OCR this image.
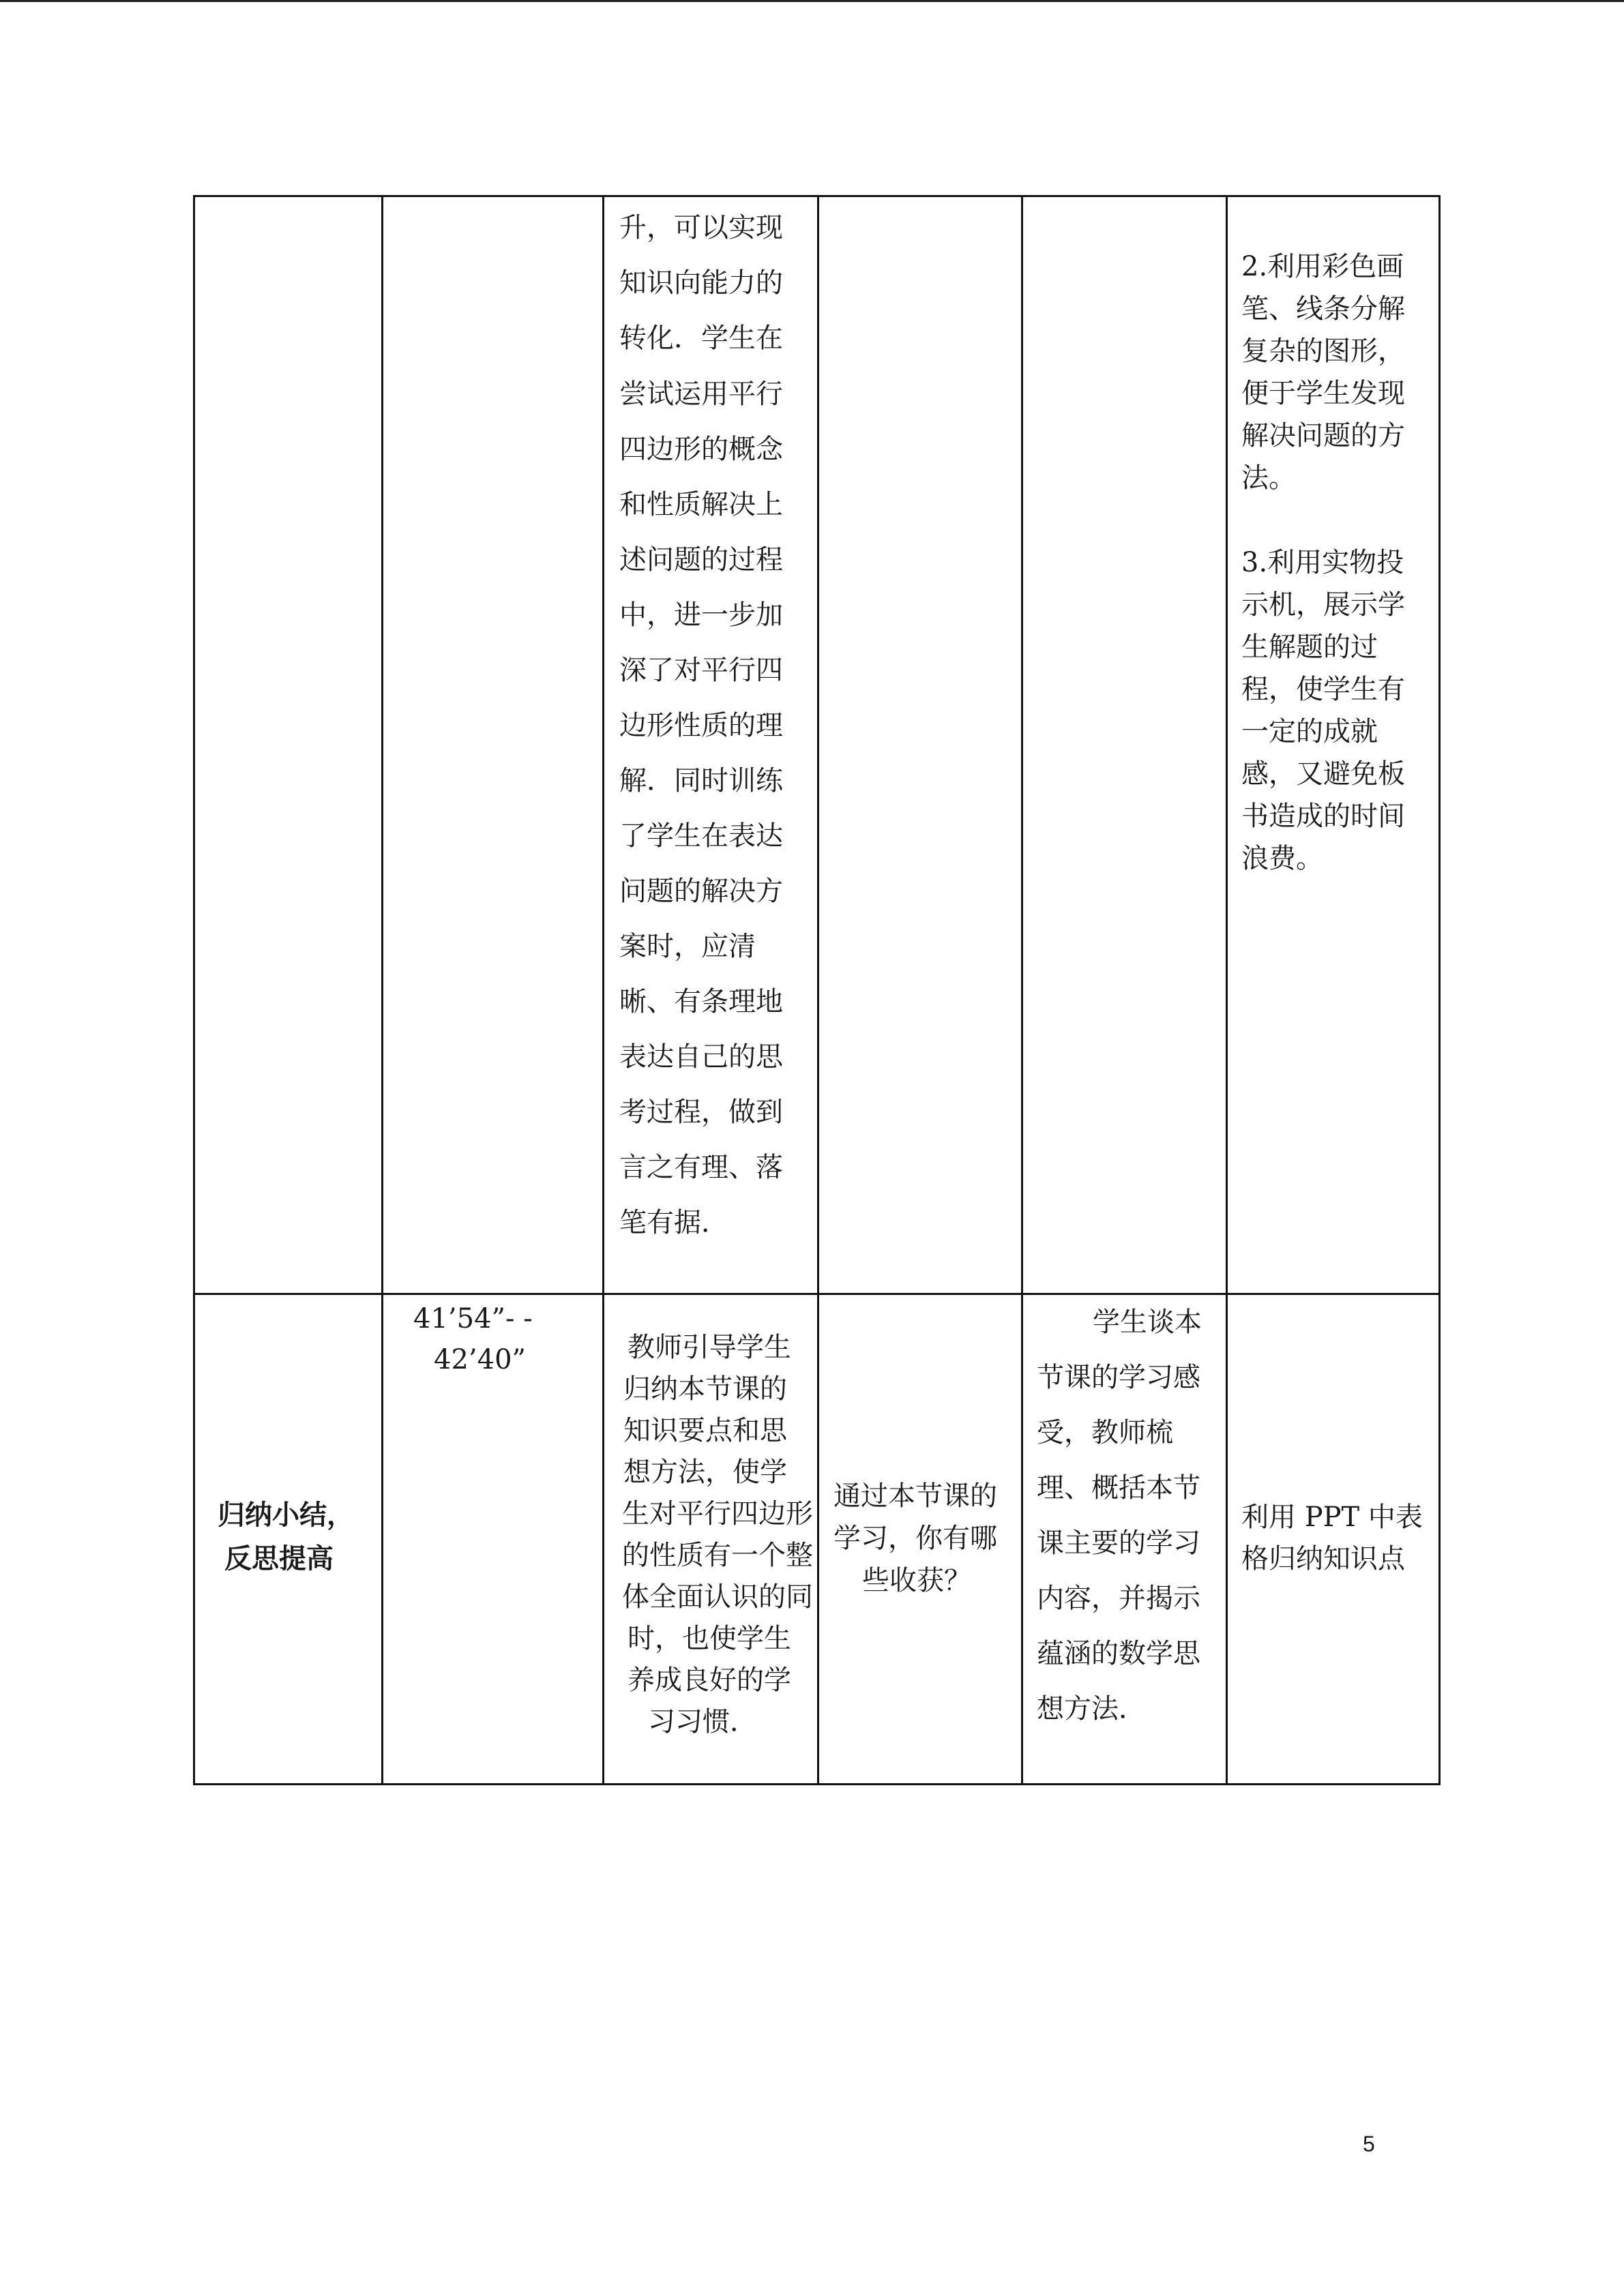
升，可以实现
知识向能力的
转化．学生在
尝试运用平行
四边形的概念
和性质解决上
述问题的过程
中，进一步加
深了对平行四
边形性质的理
解．同时训练
了学生在表达
问题的解决方
案时，应清
晰、有条理地
表达自己的思
考过程，做到
言之有理、落
笔有据．
2.利用彩色画
笔、线条分解
复杂的图形，
便于学生发现
解决问题的方
法。
3.利用实物投
示机，展示学
生解题的过
程，使学生有
一定的成就
感，又避免板
书造成的时间
浪费。
归纳小结，
反思提高
41’54”- -
42’40”	教师引导学生
归纳本节课的
知识要点和思
想方法，使学
生对平行四边形
的性质有一个整
体全面认识的同
时，也使学生
养成良好的学
习习惯．
通过本节课的
学习，你有哪
些收获？
学生谈本
节课的学习感
受，教师梳
理、概括本节
课主要的学习
内容，并揭示
蕴涵的数学思
想方法．
利用 PPT 中表
格归纳知识点
5
